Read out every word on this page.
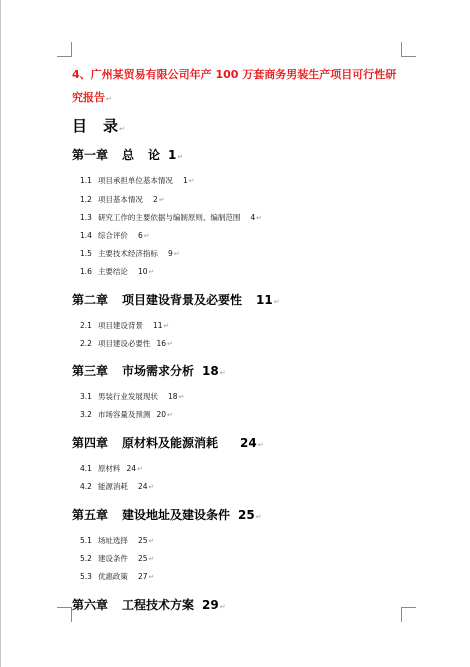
4、广州某贸易有限公司年产 100 万套商务男装生产项目可行性研究报告↵
目 录↵
第一章 总 论 1↵
1.1 项目承担单位基本情况 1↵
1.2 项目基本情况 2↵
1.3 研究工作的主要依据与编制原则、编制范围 4↵
1.4 综合评价 6↵
1.5 主要技术经济指标 9↵
1.6 主要结论 10↵
第二章 项目建设背景及必要性 11↵
2.1 项目建设背景 11↵
2.2 项目建设必要性 16↵
第三章 市场需求分析 18↵
3.1 男装行业发展现状 18↵
3.2 市场容量及预测 20↵
第四章 原材料及能源消耗 24↵
4.1 原材料 24↵
4.2 能源消耗 24↵
第五章 建设地址及建设条件 25↵
5.1 场址选择 25↵
5.2 建设条件 25↵
5.3 优惠政策 27↵
第六章 工程技术方案 29↵
